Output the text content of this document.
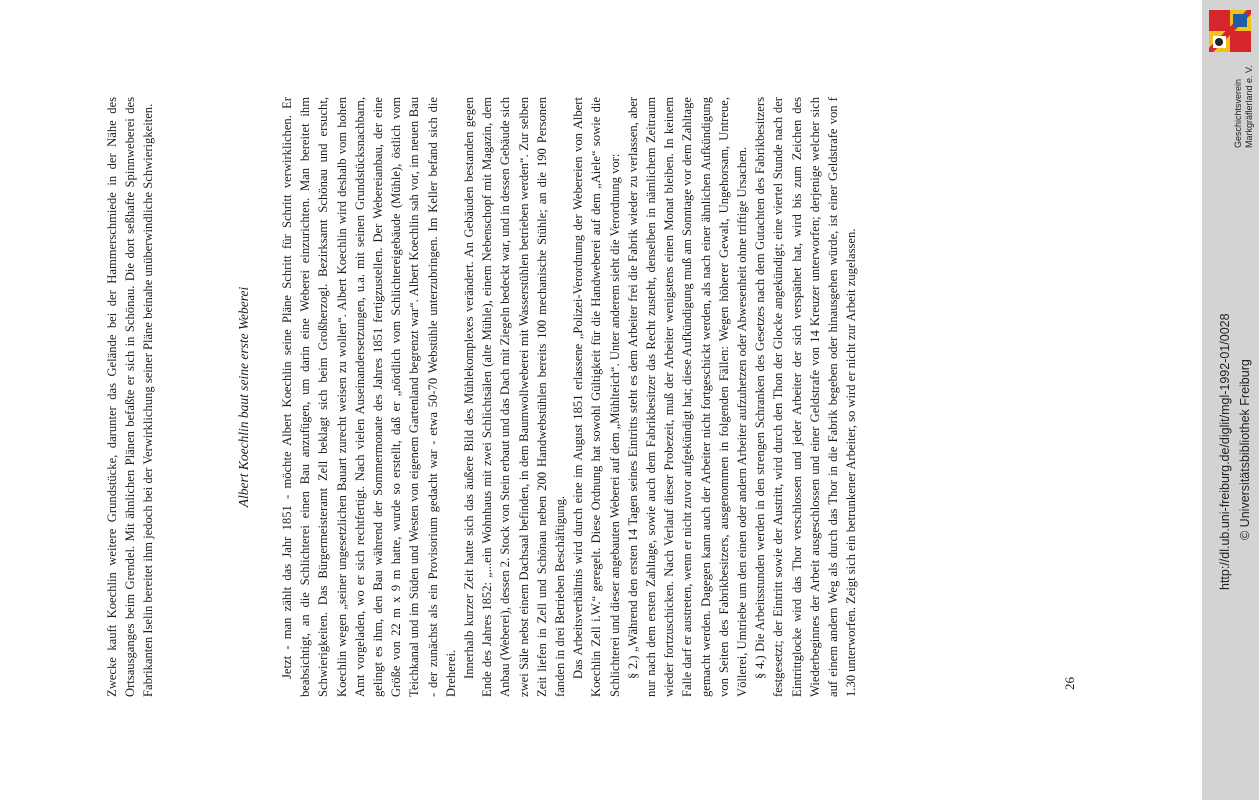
Zwecke kauft Koechlin weitere Grundstücke, darunter das Gelände bei der Hammerschmiede in der Nähe des Ortsausganges beim Grendel. Mit ähnlichen Plänen befaßte er sich in Schönau. Die dort seßhafte Spinnweberei des Fabrikanten Iselin bereitet ihm jedoch bei der Verwirklichung seiner Pläne beinahe unüberwindliche Schwierigkeiten.	Albert Koechlin baut seine erste Weberei Jetzt - man zählt das Jahr 1851 - möchte Albert Koechlin seine Pläne Schritt für Schritt verwirklichen. Er beabsichtigt, an die Schlichterei einen Bau anzufügen, um darin eine Weberei einzurichten. Man bereitet ihm Schwierigkeiten. Das Bürgermeisteramt Zell beklagt sich beim Großherzogl. Bezirksamt Schönau und ersucht, Koechlin wegen „seiner ungesetzlichen Bauart zurecht weisen zu wollen“. Albert Koechlin wird deshalb vom hohen Amt vorgeladen, wo er sich rechtfertigt. Nach vielen Auseinandersetzungen, u.a. mit seinen Grundstücksnachbarn, gelingt es ihm, den Bau während der Sommermonate des Jahres 1851 fertigzustellen. Der Webereianbau, der eine Größe von 22 m x 9 m hatte, wurde so erstellt, daß er „nördlich vom Schlichtereigebäude (Mühle), östlich vom Teichkanal und im Süden und Westen von eigenem Gartenland begrenzt war“. Albert Koechlin sah vor, im neuen Bau - der zunächst als ein Provisorium gedacht war - etwa 50-70 Webstühle unterzubringen. Im Keller befand sich die Dreherei. Innerhalb kurzer Zeit hatte sich das äußere Bild des Mühlekomplexes verändert. An Gebäuden bestanden gegen Ende des Jahres 1852: „...ein Wohnhaus mit zwei Schlichtsälen (alte Mühle), einem Nebenschopf mit Magazin, dem Anbau (Weberei), dessen 2. Stock von Stein erbaut und das Dach mit Ziegeln bedeckt war, und in dessen Gebäude sich zwei Säle nebst einem Dachsaal befinden, in dem Baumwollweberei mit Wasserstühlen betrieben werden“. Zur selben Zeit liefen in Zell und Schönau neben 200 Handwebstühlen bereits 100 mechanische Stühle; an die 190 Personen fanden in drei Betrieben Beschäftigung. Das Arbeitsverhältnis wird durch eine im August 1851 erlassene „Polizei-Verordnung der Webereien von Albert Koechlin Zell i.W.“ geregelt. Diese Ordnung hat sowohl Gültigkeit für die Handweberei auf dem „Aiele“ sowie die Schlichterei und dieser angebauten Weberei auf dem „Mühlteich“. Unter anderem sieht die Verordnung vor: § 2.) „Während den ersten 14 Tagen seines Eintritts steht es dem Arbeiter frei die Fabrik wieder zu verlassen, aber nur nach dem ersten Zahltage, sowie auch dem Fabrikbesitzer das Recht zusteht, denselben in nämlichem Zeitraum wieder fortzuschicken. Nach Verlauf dieser Probezeit, muß der Arbeiter wenigstens einen Monat bleiben. In keinem Falle darf er austreten, wenn er nicht zuvor aufgekündigt hat; diese Aufkündigung muß am Sonntage vor dem Zahltage gemacht werden. Dagegen kann auch der Arbeiter nicht fortgeschickt werden, als nach einer ähnlichen Aufkündigung von Seiten des Fabrikbesitzers, ausgenommen in folgenden Fällen: Wegen höherer Gewalt, Ungehorsam, Untreue, Völlerei, Umtriebe um den einen oder andern Arbeiter aufzuhetzen oder Abwesenheit ohne triftige Ursachen. § 4.) Die Arbeitsstunden werden in den strengen Schranken des Gesetzes nach dem Gutachten des Fabrikbesitzers festgesetzt; der Eintritt sowie der Austritt, wird durch den Thon der Glocke angekündigt; eine viertel Stunde nach der Eintrittglocke wird das Thor verschlossen und jeder Arbeiter der sich verspäthet hat, wird bis zum Zeichen des Wiederbeginnes der Arbeit ausgeschlossen und einer Geldstrafe von 14 Kreuzer unterworfen; derjenige welcher sich auf einem andern Weg als durch das Thor in die Fabrik begeben oder hinausgehen würde, ist einer Geldstrafe von f 1.30 unterworfen. Zeigt sich ein betrunkener Arbeiter, so wird er nicht zur Arbeit zugelassen.	26

Geschichtsverein Markgräflerland e. V.
http://dl.ub.uni-freiburg.de/diglit/mgl-1992-01/0028 © Universitätsbibliothek Freiburg
